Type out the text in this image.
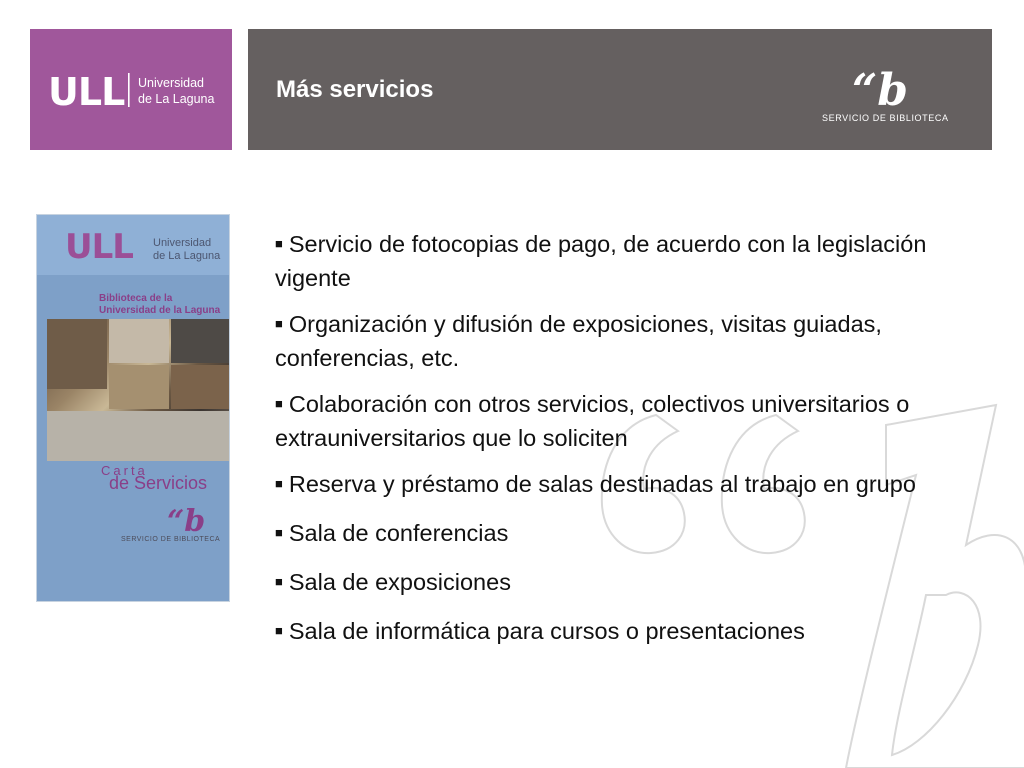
ULL Universidad
de La Laguna	Más servicios	“b
SERVICIO DE BIBLIOTECA
ULL Universidad
de La Laguna
Biblioteca de la
Universidad de la Laguna
Carta
de Servicios
“b
SERVICIO DE BIBLIOTECA
■ Servicio de fotocopias de pago, de acuerdo con la legislación vigente
■ Organización y difusión de exposiciones, visitas guiadas, conferencias, etc.
■ Colaboración con otros servicios, colectivos universitarios o extrauniversitarios que lo soliciten
■ Reserva y préstamo de salas destinadas al trabajo en grupo
■ Sala de conferencias
■ Sala de exposiciones
■ Sala de informática para cursos o presentaciones
